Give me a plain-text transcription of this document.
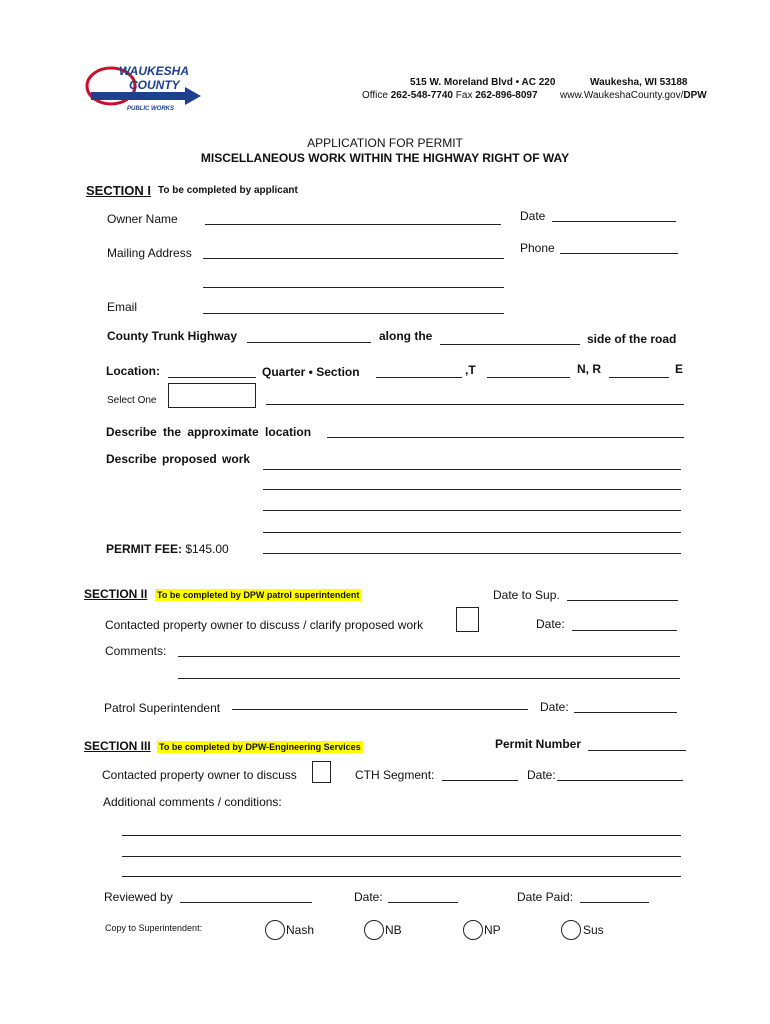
WAUKESHA
COUNTY
PUBLIC WORKS
515 W. Moreland Blvd • AC 220	Waukesha, WI 53188
Office 262-548-7740 Fax 262-896-8097 www.WaukeshaCounty.gov/DPW
APPLICATION FOR PERMIT
MISCELLANEOUS WORK WITHIN THE HIGHWAY RIGHT OF WAY
SECTION I To be completed by applicant
Owner Name	Date
Mailing Address	Phone
Email
County Trunk Highway	along the	side of the road
Location:	Quarter • Section	,T	N, R	E
Select One
Describe the approximate location
Describe proposed work
PERMIT FEE: $145.00
SECTION II To be completed by DPW patrol superintendent	Date to Sup.
Contacted property owner to discuss / clarify proposed work	Date:
Comments:
Patrol Superintendent	Date:
SECTION III To be completed by DPW-Engineering Services	Permit Number
Contacted property owner to discuss	CTH Segment:	Date:
Additional comments / conditions:
Reviewed by	Date:	Date Paid:
Copy to Superintendent:	Nash	NB	NP	Sus
